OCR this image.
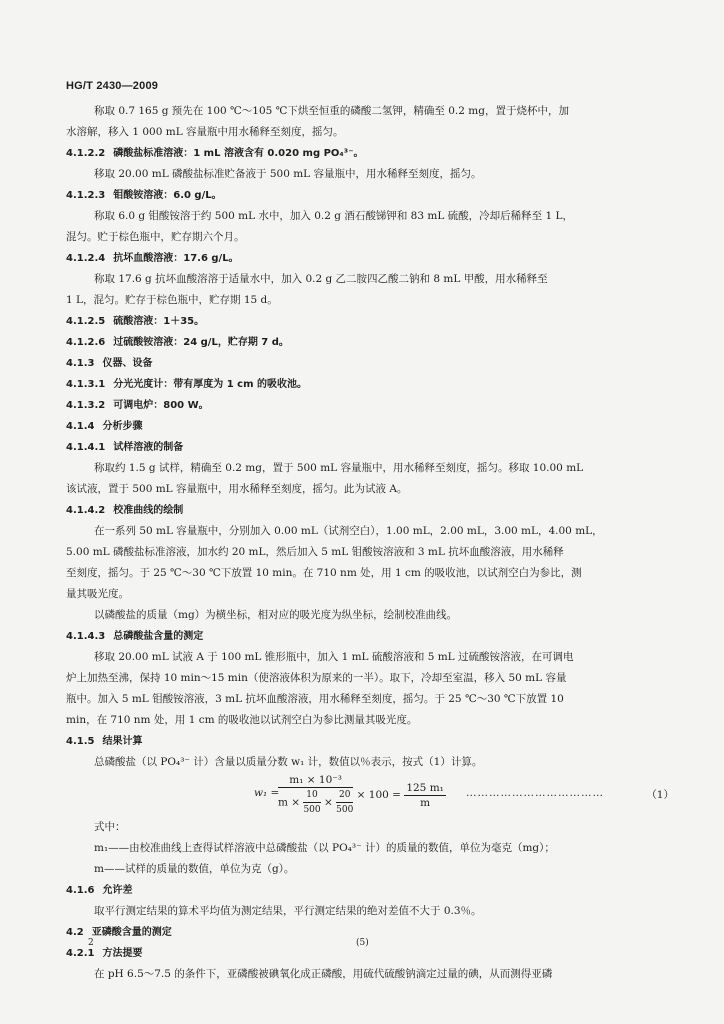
HG/T 2430—2009
称取 0.7 165 g 预先在 100 ℃～105 ℃下烘至恒重的磷酸二氢钾，精确至 0.2 mg，置于烧杯中，加
水溶解，移入 1 000 mL 容量瓶中用水稀释至刻度，摇匀。
4.1.2.2 磷酸盐标准溶液：1 mL 溶液含有 0.020 mg PO₄³⁻。
移取 20.00 mL 磷酸盐标准贮备液于 500 mL 容量瓶中，用水稀释至刻度，摇匀。
4.1.2.3 钼酸铵溶液：6.0 g/L。
称取 6.0 g 钼酸铵溶于约 500 mL 水中，加入 0.2 g 酒石酸锑钾和 83 mL 硫酸，冷却后稀释至 1 L，
混匀。贮于棕色瓶中，贮存期六个月。
4.1.2.4 抗坏血酸溶液：17.6 g/L。
称取 17.6 g 抗坏血酸溶溶于适量水中，加入 0.2 g 乙二胺四乙酸二钠和 8 mL 甲酸，用水稀释至
1 L，混匀。贮存于棕色瓶中，贮存期 15 d。
4.1.2.5 硫酸溶液：1＋35。
4.1.2.6 过硫酸铵溶液：24 g/L，贮存期 7 d。
4.1.3 仪器、设备
4.1.3.1 分光光度计：带有厚度为 1 cm 的吸收池。
4.1.3.2 可调电炉：800 W。
4.1.4 分析步骤
4.1.4.1 试样溶液的制备
称取约 1.5 g 试样，精确至 0.2 mg，置于 500 mL 容量瓶中，用水稀释至刻度，摇匀。移取 10.00 mL
该试液，置于 500 mL 容量瓶中，用水稀释至刻度，摇匀。此为试液 A。
4.1.4.2 校准曲线的绘制
在一系列 50 mL 容量瓶中，分别加入 0.00 mL（试剂空白），1.00 mL，2.00 mL，3.00 mL，4.00 mL，
5.00 mL 磷酸盐标准溶液，加水约 20 mL，然后加入 5 mL 钼酸铵溶液和 3 mL 抗坏血酸溶液，用水稀释
至刻度，摇匀。于 25 ℃～30 ℃下放置 10 min。在 710 nm 处，用 1 cm 的吸收池，以试剂空白为参比，测
量其吸光度。
以磷酸盐的质量（mg）为横坐标，相对应的吸光度为纵坐标，绘制校准曲线。
4.1.4.3 总磷酸盐含量的测定
移取 20.00 mL 试液 A 于 100 mL 锥形瓶中，加入 1 mL 硫酸溶液和 5 mL 过硫酸铵溶液，在可调电
炉上加热至沸，保持 10 min～15 min（使溶液体积为原来的一半）。取下，冷却至室温，移入 50 mL 容量
瓶中。加入 5 mL 钼酸铵溶液，3 mL 抗坏血酸溶液，用水稀释至刻度，摇匀。于 25 ℃～30 ℃下放置 10
min，在 710 nm 处，用 1 cm 的吸收池以试剂空白为参比测量其吸光度。
4.1.5 结果计算
总磷酸盐（以 PO₄³⁻ 计）含量以质量分数 w₁ 计，数值以％表示，按式（1）计算。
w₁ =
m₁ × 10⁻³
$m \times \frac{10}{500} \times \frac{20}{500} \times 100 = \frac{\text{125 m₁}}{m}$ ………………………………	（1）
式中：
m₁——由校准曲线上查得试样溶液中总磷酸盐（以 PO₄³⁻ 计）的质量的数值，单位为毫克（mg）；
m——试样的质量的数值，单位为克（g）。
4.1.6 允许差
取平行测定结果的算术平均值为测定结果，平行测定结果的绝对差值不大于 0.3％。
4.2 亚磷酸含量的测定
4.2.1 方法提要
在 pH 6.5～7.5 的条件下，亚磷酸被碘氧化成正磷酸，用硫代硫酸钠滴定过量的碘，从而测得亚磷
2	(5)
